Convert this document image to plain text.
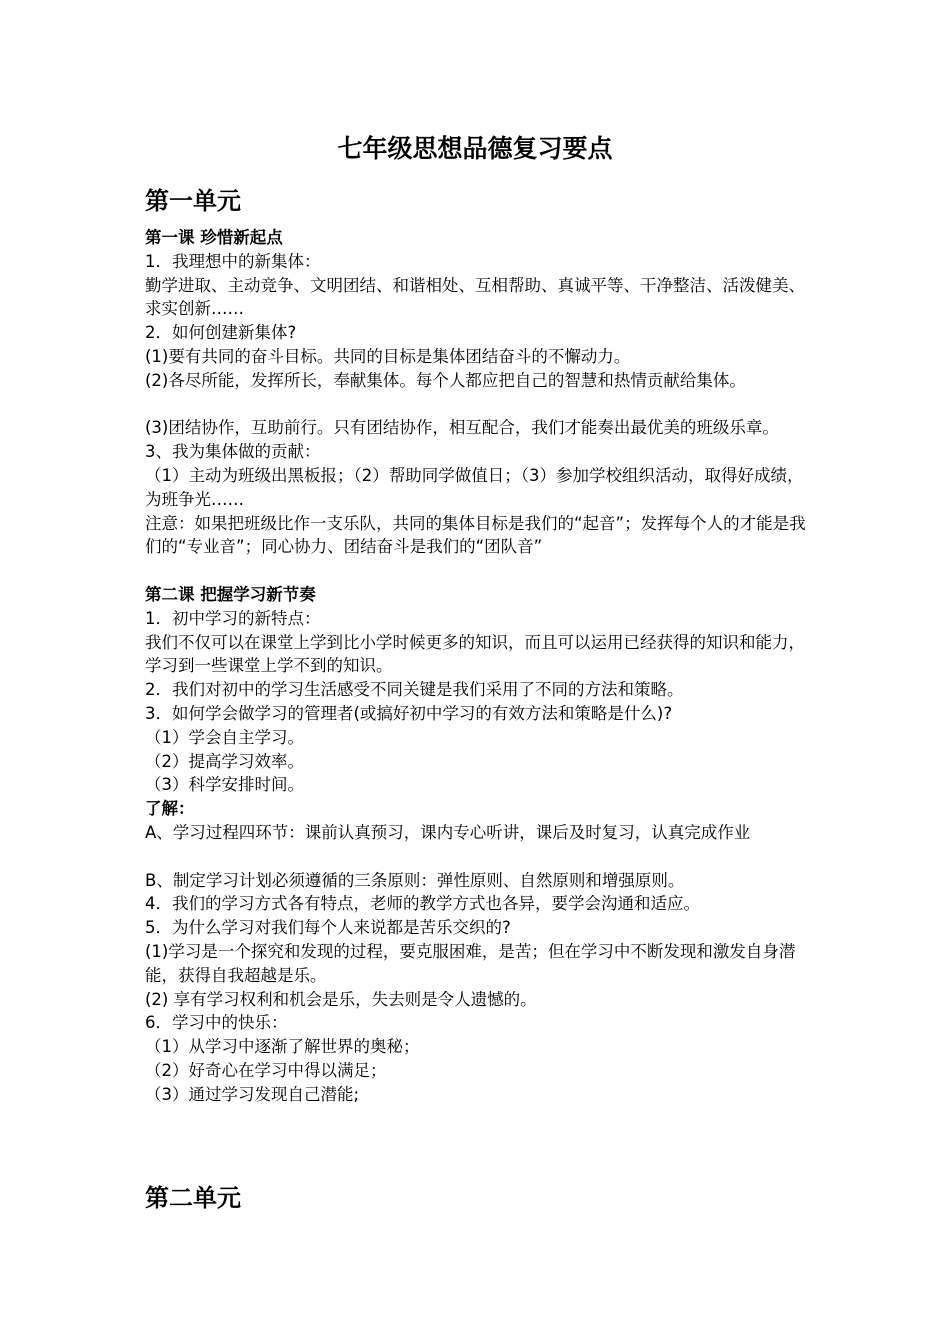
七年级思想品德复习要点
第一单元

第一课 珍惜新起点

1．我理想中的新集体：

勤学进取、主动竞争、文明团结、和谐相处、互相帮助、真诚平等、干净整洁、活泼健美、求实创新……

2．如何创建新集体?

(1)要有共同的奋斗目标。共同的目标是集体团结奋斗的不懈动力。

(2)各尽所能，发挥所长，奉献集体。每个人都应把自己的智慧和热情贡献给集体。

(3)团结协作，互助前行。只有团结协作，相互配合，我们才能奏出最优美的班级乐章。

3、我为集体做的贡献：

（1）主动为班级出黑板报；（2）帮助同学做值日；（3）参加学校组织活动，取得好成绩，为班争光……

注意：如果把班级比作一支乐队，共同的集体目标是我们的“起音”；发挥每个人的才能是我们的“专业音”；同心协力、团结奋斗是我们的“团队音”

第二课 把握学习新节奏

1．初中学习的新特点：

我们不仅可以在课堂上学到比小学时候更多的知识，而且可以运用已经获得的知识和能力，学习到一些课堂上学不到的知识。

2．我们对初中的学习生活感受不同关键是我们采用了不同的方法和策略。

3．如何学会做学习的管理者(或搞好初中学习的有效方法和策略是什么)?

（1）学会自主学习。

（2）提高学习效率。

（3）科学安排时间。

了解：

A、学习过程四环节：课前认真预习，课内专心听讲，课后及时复习，认真完成作业

B、制定学习计划必须遵循的三条原则：弹性原则、自然原则和增强原则。

4．我们的学习方式各有特点，老师的教学方式也各异，要学会沟通和适应。

5．为什么学习对我们每个人来说都是苦乐交织的?

(1)学习是一个探究和发现的过程，要克服困难，是苦；但在学习中不断发现和激发自身潜能，获得自我超越是乐。

(2) 享有学习权利和机会是乐，失去则是令人遗憾的。

6．学习中的快乐：

（1）从学习中逐渐了解世界的奥秘；

（2）好奇心在学习中得以满足；

（3）通过学习发现自己潜能;

第二单元
